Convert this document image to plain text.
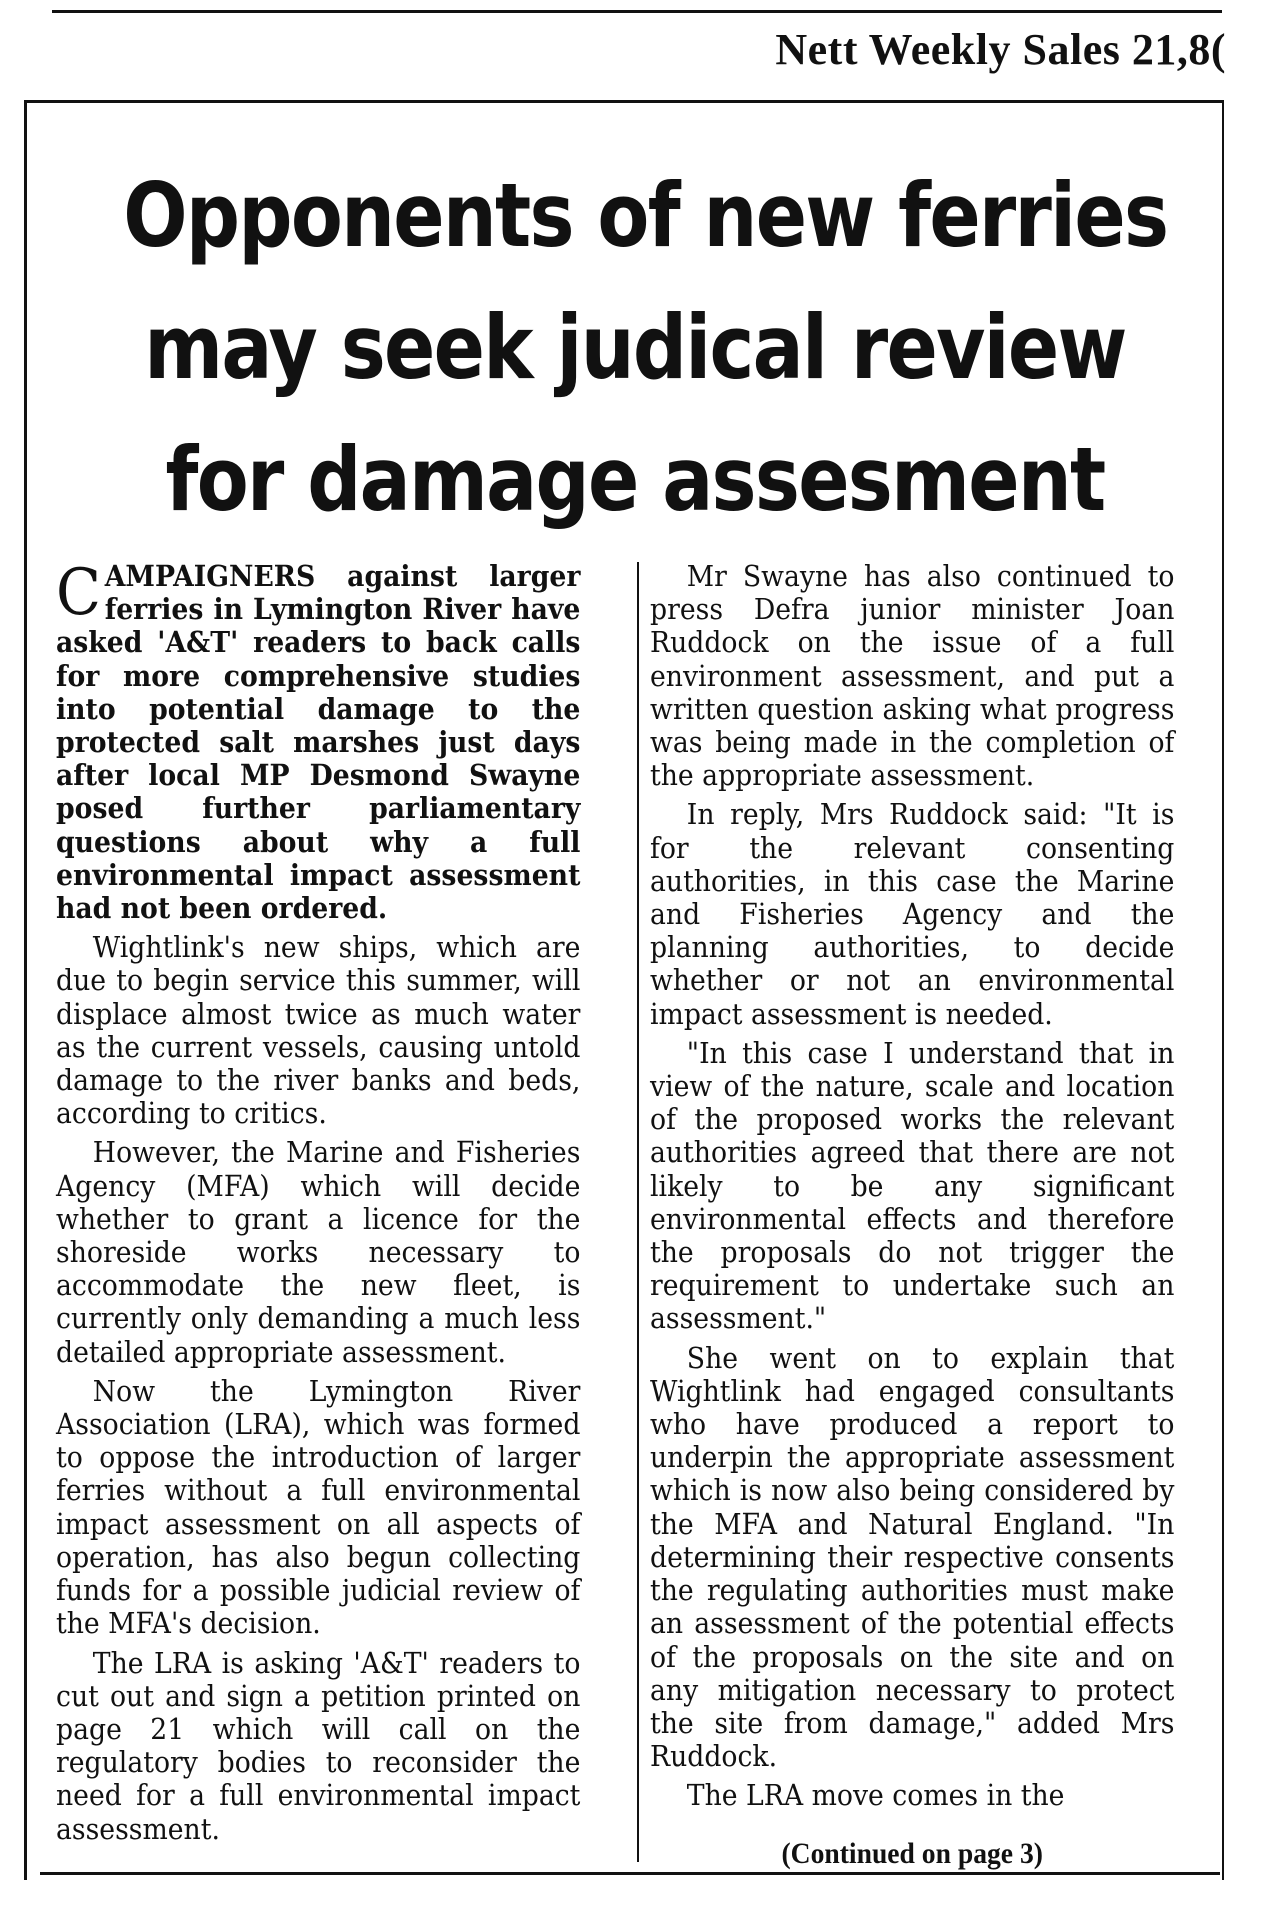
Nett Weekly Sales 21,8(
Opponents of new ferries
may seek judical review
for damage assesment

CAMPAIGNERS against larger ferries in Lymington River have asked 'A&T' readers to back calls for more comprehensive studies into potential damage to the protected salt marshes just days after local MP Desmond Swayne posed further parliamentary questions about why a full environmental impact assessment had not been ordered.

Wightlink's new ships, which are due to begin service this summer, will displace almost twice as much water as the current vessels, causing untold damage to the river banks and beds, according to critics.

However, the Marine and Fisheries Agency (MFA) which will decide whether to grant a licence for the shoreside works necessary to accommodate the new fleet, is currently only demanding a much less detailed appropriate assessment.

Now the Lymington River Association (LRA), which was formed to oppose the introduction of larger ferries without a full environmental impact assessment on all aspects of operation, has also begun collecting funds for a possible judicial review of the MFA's decision.

The LRA is asking 'A&T' readers to cut out and sign a petition printed on page 21 which will call on the regulatory bodies to reconsider the need for a full environmental impact assessment.

Mr Swayne has also continued to press Defra junior minister Joan Ruddock on the issue of a full environment assessment, and put a written question asking what progress was being made in the completion of the appropriate assessment.

In reply, Mrs Ruddock said: "It is for the relevant consenting authorities, in this case the Marine and Fisheries Agency and the planning authorities, to decide whether or not an environmental impact assessment is needed.

"In this case I understand that in view of the nature, scale and location of the proposed works the relevant authorities agreed that there are not likely to be any significant environmental effects and therefore the proposals do not trigger the requirement to undertake such an assessment."

She went on to explain that Wightlink had engaged consultants who have produced a report to underpin the appropriate assessment which is now also being considered by the MFA and Natural England. "In determining their respective consents the regulating authorities must make an assessment of the potential effects of the proposals on the site and on any mitigation necessary to protect the site from damage," added Mrs Ruddock.

The LRA move comes in the

(Continued on page 3)
